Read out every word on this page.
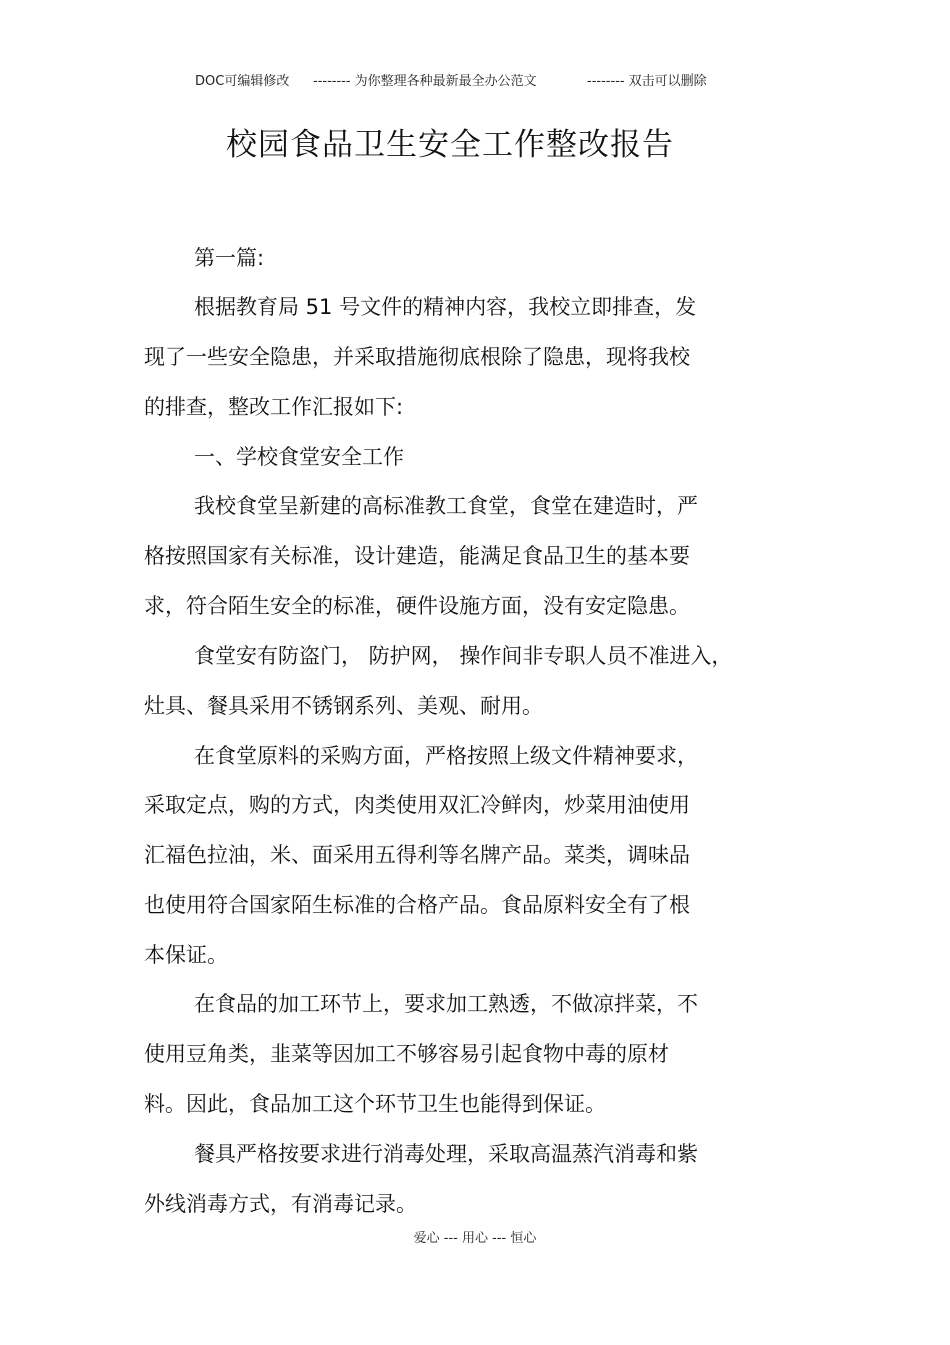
DOC可编辑修改 -------- 为你整理各种最新最全办公范文	-------- 双击可以删除
校园食品卫生安全工作整改报告
第一篇:
根据教育局 51 号文件的精神内容，我校立即排查，发
现了一些安全隐患，并采取措施彻底根除了隐患，现将我校
的排查，整改工作汇报如下:
一、学校食堂安全工作
我校食堂呈新建的高标准教工食堂，食堂在建造时，严
格按照国家有关标准，设计建造，能满足食品卫生的基本要
求，符合陌生安全的标准，硬件设施方面，没有安定隐患。
食堂安有防盗门， 防护网， 操作间非专职人员不准进入，
灶具、餐具采用不锈钢系列、美观、耐用。
在食堂原料的采购方面，严格按照上级文件精神要求，
采取定点，购的方式，肉类使用双汇冷鲜肉，炒菜用油使用
汇福色拉油，米、面采用五得利等名牌产品。菜类，调味品
也使用符合国家陌生标准的合格产品。食品原料安全有了根
本保证。
在食品的加工环节上，要求加工熟透，不做凉拌菜，不
使用豆角类，韭菜等因加工不够容易引起食物中毒的原材
料。因此，食品加工这个环节卫生也能得到保证。
餐具严格按要求进行消毒处理，采取高温蒸汽消毒和紫
外线消毒方式，有消毒记录。
爱心 --- 用心 --- 恒心
